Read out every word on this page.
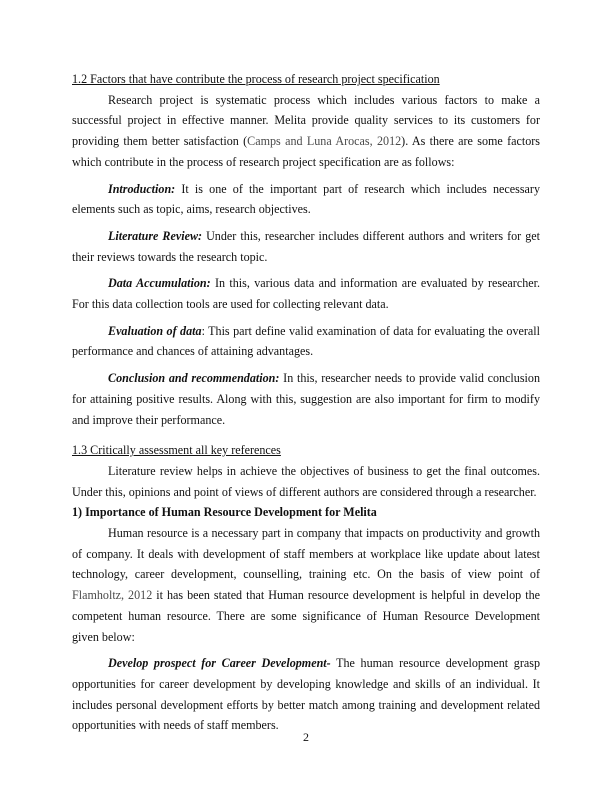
1.2 Factors that have contribute the process of research project specification

Research project is systematic process which includes various factors to make a successful project in effective manner. Melita provide quality services to its customers for providing them better satisfaction (Camps and Luna Arocas, 2012). As there are some factors which contribute in the process of research project specification are as follows:

Introduction: It is one of the important part of research which includes necessary elements such as topic, aims, research objectives.

Literature Review: Under this, researcher includes different authors and writers for get their reviews towards the research topic.

Data Accumulation: In this, various data and information are evaluated by researcher. For this data collection tools are used for collecting relevant data.

Evaluation of data: This part define valid examination of data for evaluating the overall performance and chances of attaining advantages.

Conclusion and recommendation: In this, researcher needs to provide valid conclusion for attaining positive results. Along with this, suggestion are also important for firm to modify and improve their performance.

1.3 Critically assessment all key references

Literature review helps in achieve the objectives of business to get the final outcomes. Under this, opinions and point of views of different authors are considered through a researcher.

1) Importance of Human Resource Development for Melita

Human resource is a necessary part in company that impacts on productivity and growth of company. It deals with development of staff members at workplace like update about latest technology, career development, counselling, training etc. On the basis of view point of Flamholtz, 2012 it has been stated that Human resource development is helpful in develop the competent human resource. There are some significance of Human Resource Development given below:

Develop prospect for Career Development- The human resource development grasp opportunities for career development by developing knowledge and skills of an individual. It includes personal development efforts by better match among training and development related opportunities with needs of staff members.

2
